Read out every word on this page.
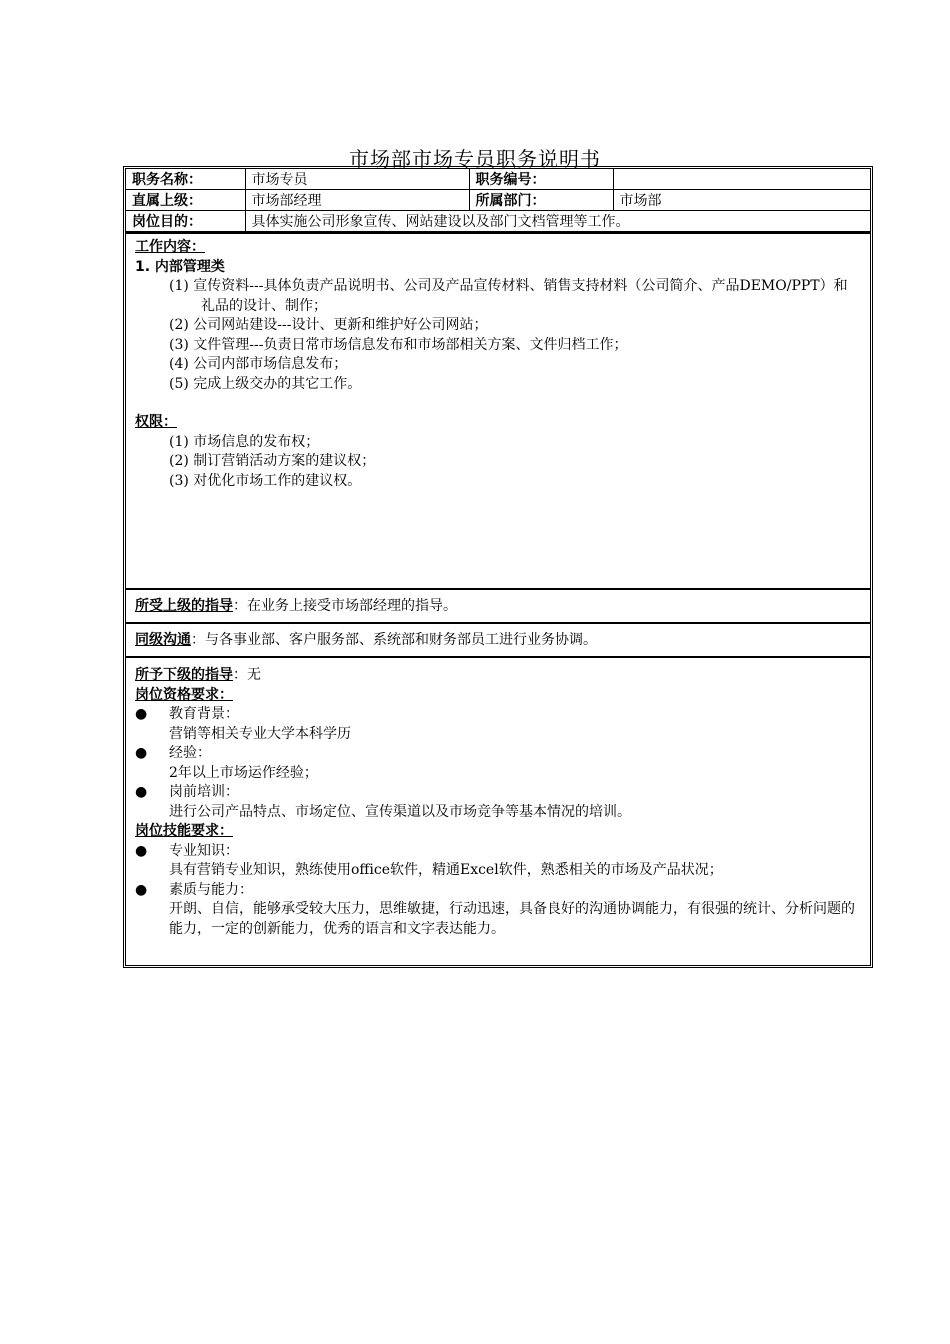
市场部市场专员职务说明书
职务名称：	市场专员	职务编号：	
直属上级：	市场部经理	所属部门：	市场部
岗位目的：	具体实施公司形象宣传、网站建设以及部门文档管理等工作。		
工作内容：
1. 内部管理类
(1) 宣传资料---具体负责产品说明书、公司及产品宣传材料、销售支持材料（公司简介、产品DEMO/PPT）和礼品的设计、制作；
(2) 公司网站建设---设计、更新和维护好公司网站；
(3) 文件管理---负责日常市场信息发布和市场部相关方案、文件归档工作；
(4) 公司内部市场信息发布；
(5) 完成上级交办的其它工作。
权限：
(1) 市场信息的发布权；
(2) 制订营销活动方案的建议权；
(3) 对优化市场工作的建议权。
所受上级的指导：在业务上接受市场部经理的指导。
同级沟通：与各事业部、客户服务部、系统部和财务部员工进行业务协调。
所予下级的指导：无
岗位资格要求：
● 教育背景：
营销等相关专业大学本科学历
● 经验：
2年以上市场运作经验；
● 岗前培训：
进行公司产品特点、市场定位、宣传渠道以及市场竞争等基本情况的培训。
岗位技能要求：
● 专业知识：
具有营销专业知识，熟练使用office软件，精通Excel软件，熟悉相关的市场及产品状况；
● 素质与能力：
开朗、自信，能够承受较大压力，思维敏捷，行动迅速，具备良好的沟通协调能力，有很强的统计、分析问题的能力，一定的创新能力，优秀的语言和文字表达能力。
